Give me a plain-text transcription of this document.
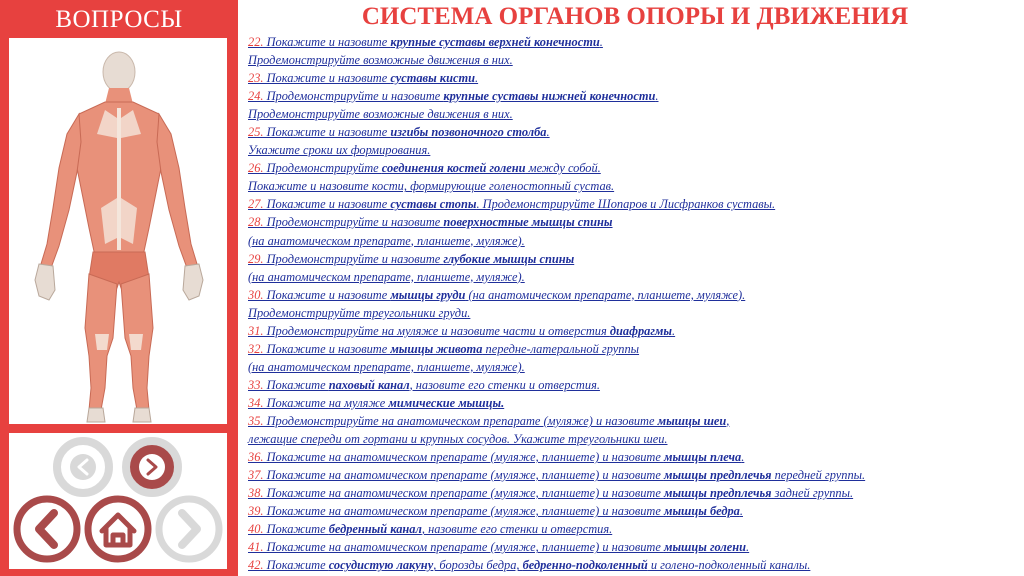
ВОПРОСЫ	СИСТЕМА ОРГАНОВ ОПОРЫ И ДВИЖЕНИЯ
22. Покажите и назовите крупные суставы верхней конечности.
Продемонстрируйте возможные движения в них.
23. Покажите и назовите суставы кисти.
24. Продемонстрируйте и назовите крупные суставы нижней конечности.
Продемонстрируйте возможные движения в них.
25. Покажите и назовите изгибы позвоночного столба.
Укажите сроки их формирования.
26. Продемонстрируйте соединения костей голени между собой.
Покажите и назовите кости, формирующие голеностопный сустав.
27. Покажите и назовите суставы стопы. Продемонстрируйте Шопаров и Лисфранков суставы.
28. Продемонстрируйте и назовите поверхностные мышцы спины
(на анатомическом препарате, планшете, муляже).
29. Продемонстрируйте и назовите глубокие мышцы спины
(на анатомическом препарате, планшете, муляже).
30. Покажите и назовите мышцы груди (на анатомическом препарате, планшете, муляже).
Продемонстрируйте треугольники груди.
31. Продемонстрируйте на муляже и назовите части и отверстия диафрагмы.
32. Покажите и назовите мышцы живота передне-латеральной группы
(на анатомическом препарате, планшете, муляже).
33. Покажите паховый канал, назовите его стенки и отверстия.
34. Покажите на муляже мимические мышцы.
35. Продемонстрируйте на анатомическом препарате (муляже) и назовите мышцы шеи,
лежащие спереди от гортани и крупных сосудов. Укажите треугольники шеи.
36. Покажите на анатомическом препарате (муляже, планшете) и назовите мышцы плеча.
37. Покажите на анатомическом препарате (муляже, планшете) и назовите мышцы предплечья передней группы.
38. Покажите на анатомическом препарате (муляже, планшете) и назовите мышцы предплечья задней группы.
39. Покажите на анатомическом препарате (муляже, планшете) и назовите мышцы бедра.
40. Покажите бедренный канал, назовите его стенки и отверстия.
41. Покажите на анатомическом препарате (муляже, планшете) и назовите мышцы голени.
42. Покажите сосудистую лакуну, борозды бедра, бедренно-подколенный и голено-подколенный каналы.
